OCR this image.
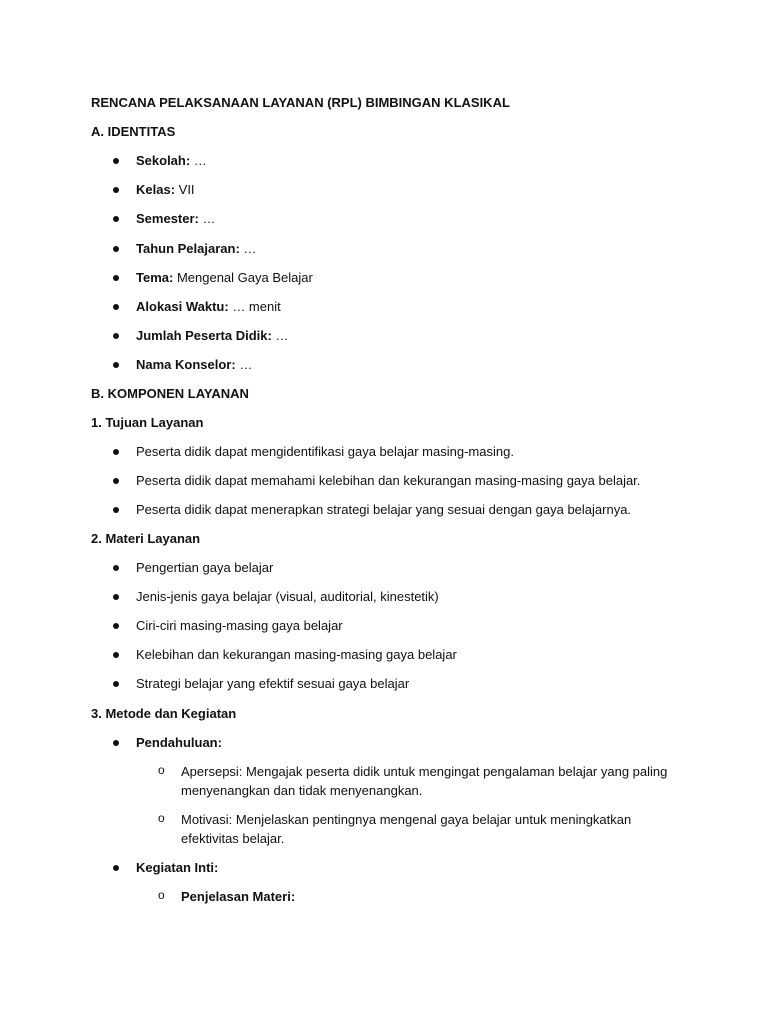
RENCANA PELAKSANAAN LAYANAN (RPL) BIMBINGAN KLASIKAL
A. IDENTITAS
Sekolah: …
Kelas: VII
Semester: …
Tahun Pelajaran: …
Tema: Mengenal Gaya Belajar
Alokasi Waktu: … menit
Jumlah Peserta Didik: …
Nama Konselor: …
B. KOMPONEN LAYANAN
1. Tujuan Layanan
Peserta didik dapat mengidentifikasi gaya belajar masing-masing.
Peserta didik dapat memahami kelebihan dan kekurangan masing-masing gaya belajar.
Peserta didik dapat menerapkan strategi belajar yang sesuai dengan gaya belajarnya.
2. Materi Layanan
Pengertian gaya belajar
Jenis-jenis gaya belajar (visual, auditorial, kinestetik)
Ciri-ciri masing-masing gaya belajar
Kelebihan dan kekurangan masing-masing gaya belajar
Strategi belajar yang efektif sesuai gaya belajar
3. Metode dan Kegiatan
Pendahuluan:
o Apersepsi: Mengajak peserta didik untuk mengingat pengalaman belajar yang paling
menyenangkan dan tidak menyenangkan.
o Motivasi: Menjelaskan pentingnya mengenal gaya belajar untuk meningkatkan
efektivitas belajar.
Kegiatan Inti:
o Penjelasan Materi:
